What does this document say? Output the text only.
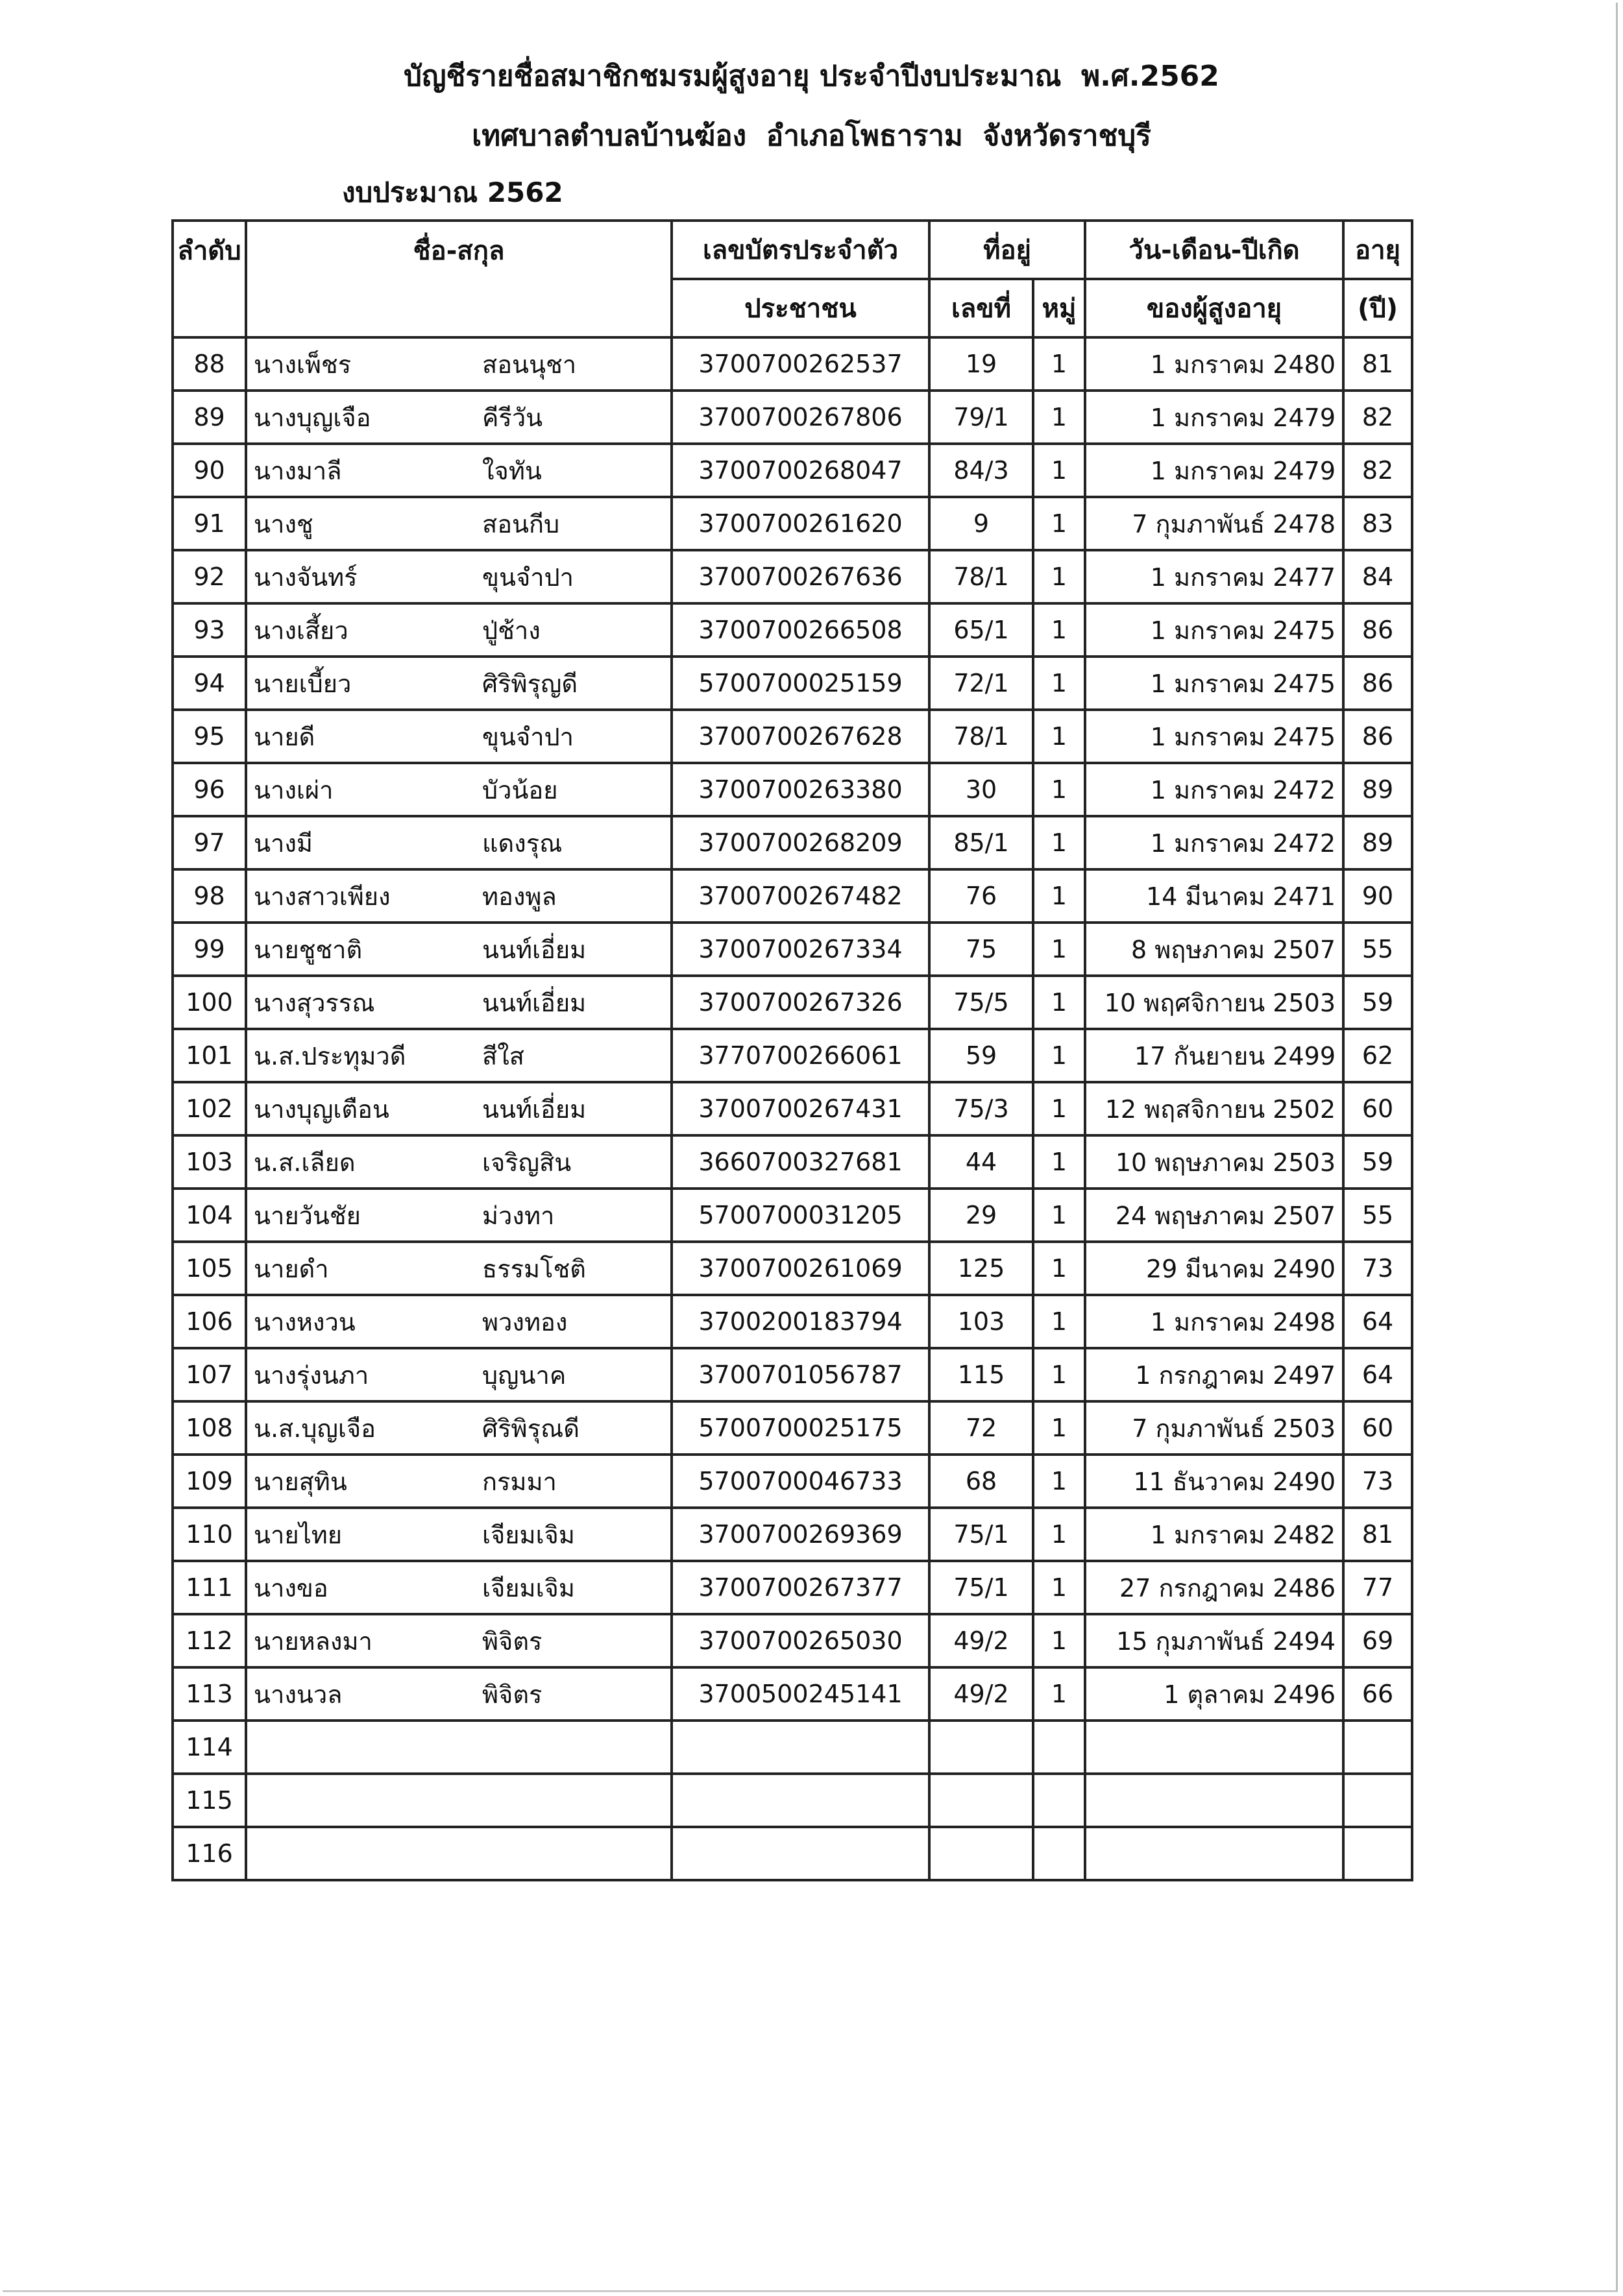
บัญชีรายชื่อสมาชิกชมรมผู้สูงอายุ ประจำปีงบประมาณ  พ.ศ.2562
เทศบาลตำบลบ้านฆ้อง  อำเภอโพธาราม  จังหวัดราชบุรี
งบประมาณ 2562
ลำดับ	ชื่อ-สกุล	เลขบัตรประจำตัว	ที่อยู่		วัน-เดือน-ปีเกิด	อายุ
		ประชาชน	เลขที่	หมู่	ของผู้สูงอายุ	(ปี)
88	นางเพ็ชร สอนนุชา	3700700262537	19	1	1 มกราคม 2480	81
89	นางบุญเจือ คีรีวัน	3700700267806	79/1	1	1 มกราคม 2479	82
90	นางมาลี ใจทัน	3700700268047	84/3	1	1 มกราคม 2479	82
91	นางชู สอนกีบ	3700700261620	9	1	7 กุมภาพันธ์ 2478	83
92	นางจันทร์ ขุนจำปา	3700700267636	78/1	1	1 มกราคม 2477	84
93	นางเสี้ยว ปู่ช้าง	3700700266508	65/1	1	1 มกราคม 2475	86
94	นายเบี้ยว ศิริพิรุญดี	5700700025159	72/1	1	1 มกราคม 2475	86
95	นายดี ขุนจำปา	3700700267628	78/1	1	1 มกราคม 2475	86
96	นางเผ่า บัวน้อย	3700700263380	30	1	1 มกราคม 2472	89
97	นางมี แดงรุณ	3700700268209	85/1	1	1 มกราคม 2472	89
98	นางสาวเพียง ทองพูล	3700700267482	76	1	14 มีนาคม 2471	90
99	นายชูชาติ นนท์เอี่ยม	3700700267334	75	1	8 พฤษภาคม 2507	55
100	นางสุวรรณ นนท์เอี่ยม	3700700267326	75/5	1	10 พฤศจิกายน 2503	59
101	น.ส.ประทุมวดี สีใส	3770700266061	59	1	17 กันยายน 2499	62
102	นางบุญเตือน นนท์เอี่ยม	3700700267431	75/3	1	12 พฤสจิกายน 2502	60
103	น.ส.เลียด เจริญสิน	3660700327681	44	1	10 พฤษภาคม 2503	59
104	นายวันชัย ม่วงทา	5700700031205	29	1	24 พฤษภาคม 2507	55
105	นายดำ ธรรมโชติ	3700700261069	125	1	29 มีนาคม 2490	73
106	นางหงวน พวงทอง	3700200183794	103	1	1 มกราคม 2498	64
107	นางรุ่งนภา บุญนาค	3700701056787	115	1	1 กรกฎาคม 2497	64
108	น.ส.บุญเจือ ศิริพิรุณดี	5700700025175	72	1	7 กุมภาพันธ์ 2503	60
109	นายสุทิน กรมมา	5700700046733	68	1	11 ธันวาคม 2490	73
110	นายไทย เจียมเจิม	3700700269369	75/1	1	1 มกราคม 2482	81
111	นางขอ เจียมเจิม	3700700267377	75/1	1	27 กรกฎาคม 2486	77
112	นายหลงมา พิจิตร	3700700265030	49/2	1	15 กุมภาพันธ์ 2494	69
113	นางนวล พิจิตร	3700500245141	49/2	1	1 ตุลาคม 2496	66
114						
115						
116						
